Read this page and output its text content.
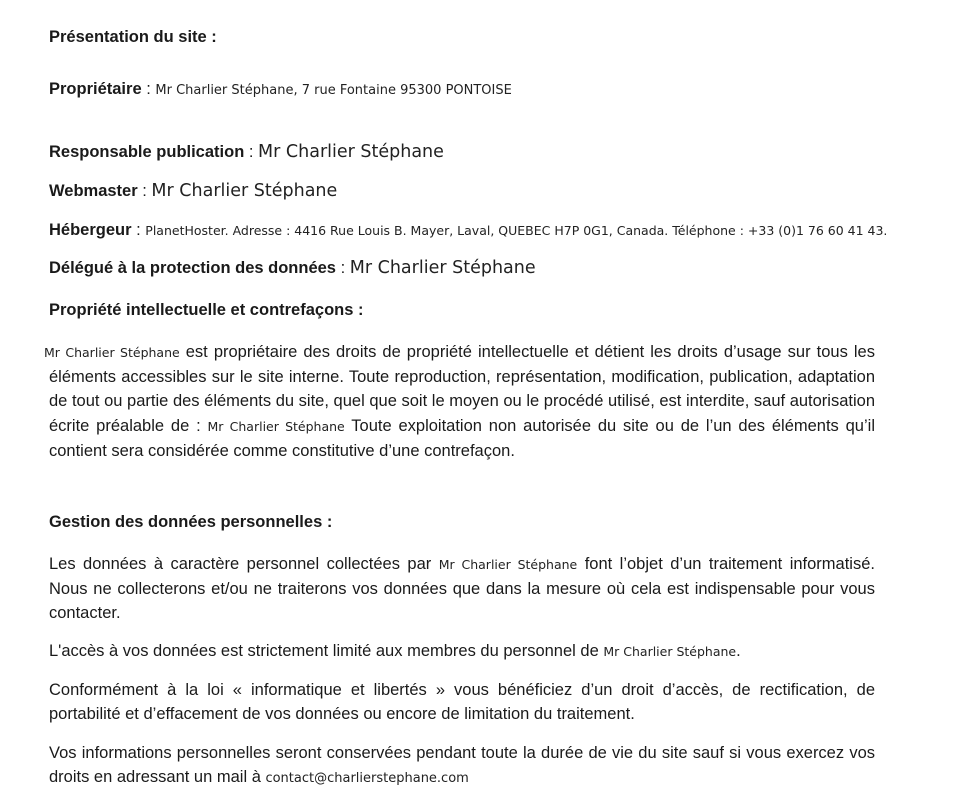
Présentation du site :
Propriétaire : Mr Charlier Stéphane, 7 rue Fontaine 95300 PONTOISE
Responsable publication : Mr Charlier Stéphane
Webmaster : Mr Charlier Stéphane
Hébergeur : PlanetHoster. Adresse : 4416 Rue Louis B. Mayer, Laval, QUEBEC H7P 0G1, Canada. Téléphone : +33 (0)1 76 60 41 43.
Délégué à la protection des données : Mr Charlier Stéphane
Propriété intellectuelle et contrefaçons :
Mr Charlier Stéphane est propriétaire des droits de propriété intellectuelle et détient les droits d’usage sur tous les éléments accessibles sur le site interne. Toute reproduction, représentation, modification, publication, adaptation de tout ou partie des éléments du site, quel que soit le moyen ou le procédé utilisé, est interdite, sauf autorisation écrite préalable de : Mr Charlier Stéphane Toute exploitation non autorisée du site ou de l’un des éléments qu’il contient sera considérée comme constitutive d’une contrefaçon.
Gestion des données personnelles :
Les données à caractère personnel collectées par Mr Charlier Stéphane font l’objet d’un traitement informatisé. Nous ne collecterons et/ou ne traiterons vos données que dans la mesure où cela est indispensable pour vous contacter.
L'accès à vos données est strictement limité aux membres du personnel de Mr Charlier Stéphane.
Conformément à la loi « informatique et libertés » vous bénéficiez d’un droit d’accès, de rectification, de portabilité et d’effacement de vos données ou encore de limitation du traitement.
Vos informations personnelles seront conservées pendant toute la durée de vie du site sauf si vous exercez vos droits en adressant un mail à contact@charlierstephane.com
